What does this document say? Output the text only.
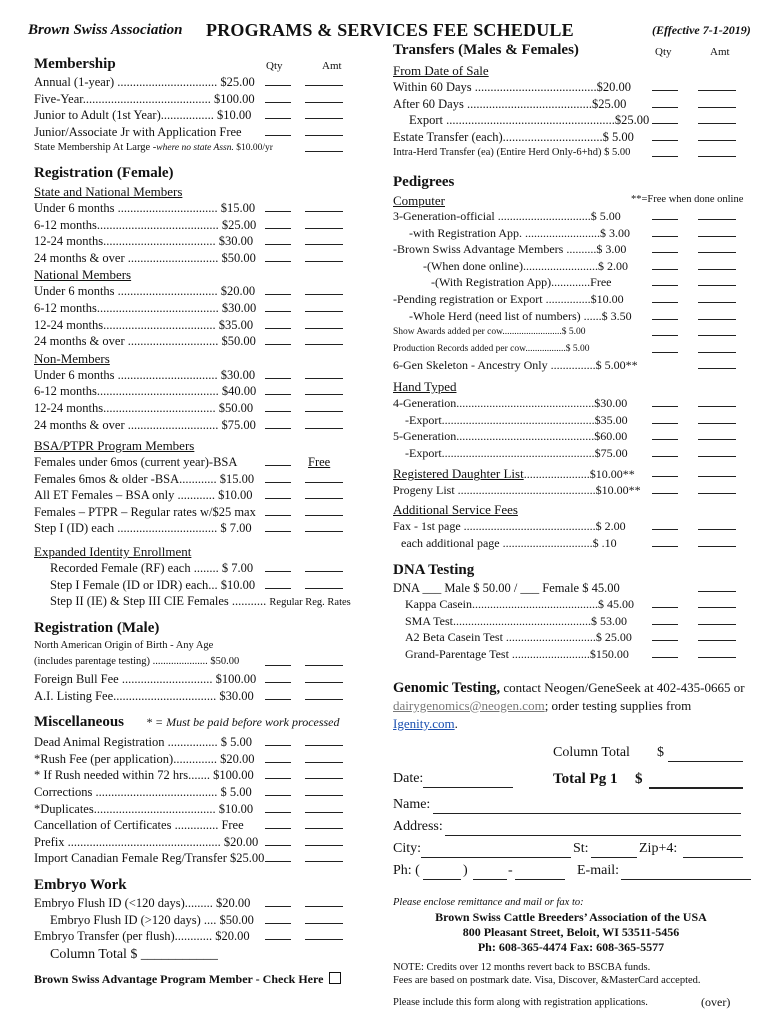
Brown Swiss Association PROGRAMS & SERVICES FEE SCHEDULE	(Effective 7-1-2019)
Membership	Qty	Amt
Annual (1-year) ................................ $25.00
Five-Year......................................... $100.00
Junior to Adult (1st Year)................. $10.00
Junior/Associate Jr with Application Free
State Membership At Large -where no state Assn. $10.00/yr
Registration (Female)
State and National Members
Under 6 months ................................ $15.00
6-12 months....................................... $25.00
12-24 months.................................... $30.00
24 months & over ............................. $50.00
National Members
Under 6 months ................................ $20.00
6-12 months....................................... $30.00
12-24 months.................................... $35.00
24 months & over ............................. $50.00
Non-Members
Under 6 months ................................ $30.00
6-12 months....................................... $40.00
12-24 months.................................... $50.00
24 months & over ............................. $75.00
BSA/PTPR Program Members
Females under 6mos (current year)-BSA	Free
Females 6mos & older -BSA............ $15.00
All ET Females – BSA only ............ $10.00
Females – PTPR – Regular rates w/$25 max
Step I (ID) each ................................ $ 7.00
Expanded Identity Enrollment
Recorded Female (RF) each ........ $ 7.00
Step I Female (ID or IDR) each... $10.00
Step II (IE) & Step III CIE Females ........... Regular Reg. Rates
Registration (Male)
North American Origin of Birth - Any Age
(includes parentage testing) ..................... $50.00
Foreign Bull Fee ............................. $100.00
A.I. Listing Fee................................. $30.00
Miscellaneous * = Must be paid before work processed
Dead Animal Registration ................ $ 5.00
*Rush Fee (per application).............. $20.00
* If Rush needed within 72 hrs....... $100.00
Corrections ....................................... $ 5.00
*Duplicates....................................... $10.00
Cancellation of Certificates .............. Free
Prefix ................................................. $20.00
Import Canadian Female Reg/Transfer $25.00
Embryo Work
Embryo Flush ID (<120 days)......... $20.00
Embryo Flush ID (>120 days) .... $50.00
Embryo Transfer (per flush)............ $20.00
Column Total $ ___________
Brown Swiss Advantage Program Member - Check Here
Transfers (Males & Females)	Qty	Amt
From Date of Sale
Within 60 Days .......................................$20.00
After 60 Days ........................................$25.00
Export ......................................................$25.00
Estate Transfer (each)................................$ 5.00
Intra-Herd Transfer (ea) (Entire Herd Only-6+hd) $ 5.00
Pedigrees
Computer	**=Free when done online
3-Generation-official ...............................$ 5.00
-with Registration App. .........................$ 3.00
-Brown Swiss Advantage Members ..........$ 3.00
-(When done online).........................$ 2.00
-(With Registration App).............Free
-Pending registration or Export ...............$10.00
-Whole Herd (need list of numbers) ......$ 3.50
Show Awards added per cow.........................$ 5.00
Production Records added per cow.................$ 5.00
6-Gen Skeleton - Ancestry Only ...............$ 5.00**
Hand Typed
4-Generation..............................................$30.00
-Export...................................................$35.00
5-Generation..............................................$60.00
-Export...................................................$75.00
Registered Daughter List......................$10.00**
Progeny List ..............................................$10.00**
Additional Service Fees
Fax - 1st page ............................................$ 2.00
each additional page ..............................$ .10
DNA Testing
DNA ___ Male $ 50.00 / ___ Female $ 45.00
Kappa Casein..........................................$ 45.00
SMA Test..............................................$ 53.00
A2 Beta Casein Test ..............................$ 25.00
Grand-Parentage Test ..........................$150.00
Genomic Testing, contact Neogen/GeneSeek at 402-435-0665 or
dairygenomics@neogen.com; order testing supplies from Igenity.com.
Column Total $
Date:	Total Pg 1 $
Name:
Address:
City:	St:	Zip+4:
Ph: (	)	-	E-mail:
Please enclose remittance and mail or fax to:
Brown Swiss Cattle Breeders’ Association of the USA
800 Pleasant Street, Beloit, WI 53511-5456
Ph: 608-365-4474 Fax: 608-365-5577
NOTE: Credits over 12 months revert back to BSCBA funds.
Fees are based on postmark date. Visa, Discover, &MasterCard accepted.
Please include this form along with registration applications.	(over)
